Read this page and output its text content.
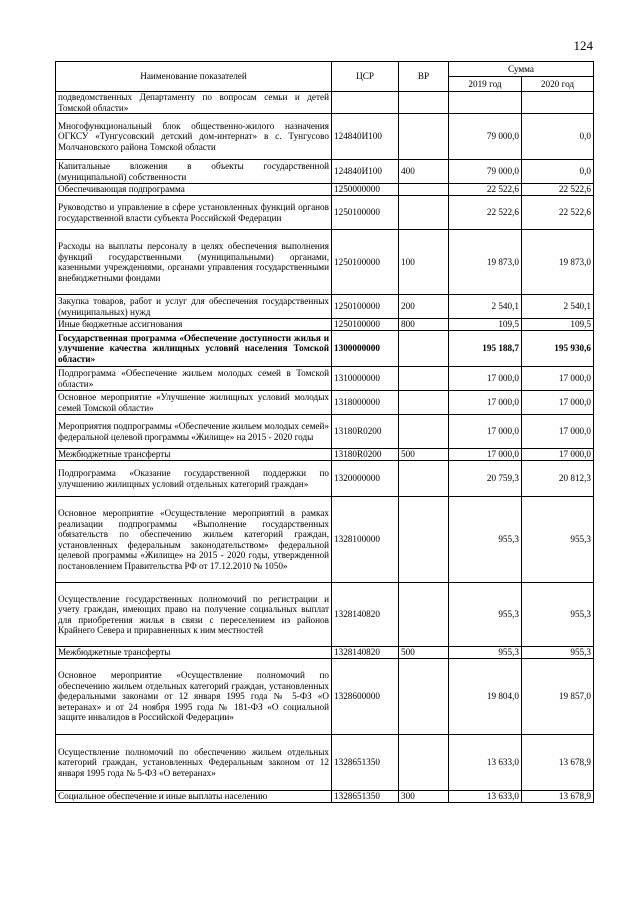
124
Наименование показателей	ЦСР	ВР	Сумма	
			2019 год	2020 год
подведомственных Департаменту по вопросам семьи и детей Томской области»				
Многофункциональный блок общественно-жилого назначения ОГКСУ «Тунгусовский детский дом-интернат» в с. Тунгусово Молчановского района Томской области	124840И100		79 000,0	0,0
Капитальные вложения в объекты государственной (муниципальной) собственности	124840И100	400	79 000,0	0,0
Обеспечивающая подпрограмма	1250000000		22 522,6	22 522,6
Руководство и управление в сфере установленных функций органов государственной власти субъекта Российской Федерации	1250100000		22 522,6	22 522,6
Расходы на выплаты персоналу в целях обеспечения выполнения функций государственными (муниципальными) органами, казенными учреждениями, органами управления государственными внебюджетными фондами	1250100000	100	19 873,0	19 873,0
Закупка товаров, работ и услуг для обеспечения государственных (муниципальных) нужд	1250100000	200	2 540,1	2 540,1
Иные бюджетные ассигнования	1250100000	800	109,5	109,5
Государственная программа «Обеспечение доступности жилья и улучшение качества жилищных условий населения Томской области»	1300000000		195 188,7	195 930,6
Подпрограмма «Обеспечение жильем молодых семей в Томской области»	1310000000		17 000,0	17 000,0
Основное мероприятие «Улучшение жилищных условий молодых семей Томской области»	1318000000		17 000,0	17 000,0
Мероприятия подпрограммы «Обеспечение жильем молодых семей» федеральной целевой программы «Жилище» на 2015 - 2020 годы	13180R0200		17 000,0	17 000,0
Межбюджетные трансферты	13180R0200	500	17 000,0	17 000,0
Подпрограмма «Оказание государственной поддержки по улучшению жилищных условий отдельных категорий граждан»	1320000000		20 759,3	20 812,3
Основное мероприятие «Осуществление мероприятий в рамках реализации подпрограммы «Выполнение государственных обязательств по обеспечению жильем категорий граждан, установленных федеральным законодательством» федеральной целевой программы «Жилище» на 2015 - 2020 годы, утвержденной постановлением Правительства РФ от 17.12.2010 № 1050»	1328100000		955,3	955,3
Осуществление государственных полномочий по регистрации и учету граждан, имеющих право на получение социальных выплат для приобретения жилья в связи с переселением из районов Крайнего Севера и приравненных к ним местностей	1328140820		955,3	955,3
Межбюджетные трансферты	1328140820	500	955,3	955,3
Основное мероприятие «Осуществление полномочий по обеспечению жильем отдельных категорий граждан, установленных федеральными законами от 12 января 1995 года № 5-ФЗ «О ветеранах» и от 24 ноября 1995 года № 181-ФЗ «О социальной защите инвалидов в Российской Федерации»	1328600000		19 804,0	19 857,0
Осуществление полномочий по обеспечению жильем отдельных категорий граждан, установленных Федеральным законом от 12 января 1995 года № 5-ФЗ «О ветеранах»	1328651350		13 633,0	13 678,9
Социальное обеспечение и иные выплаты населению	1328651350	300	13 633,0	13 678,9
